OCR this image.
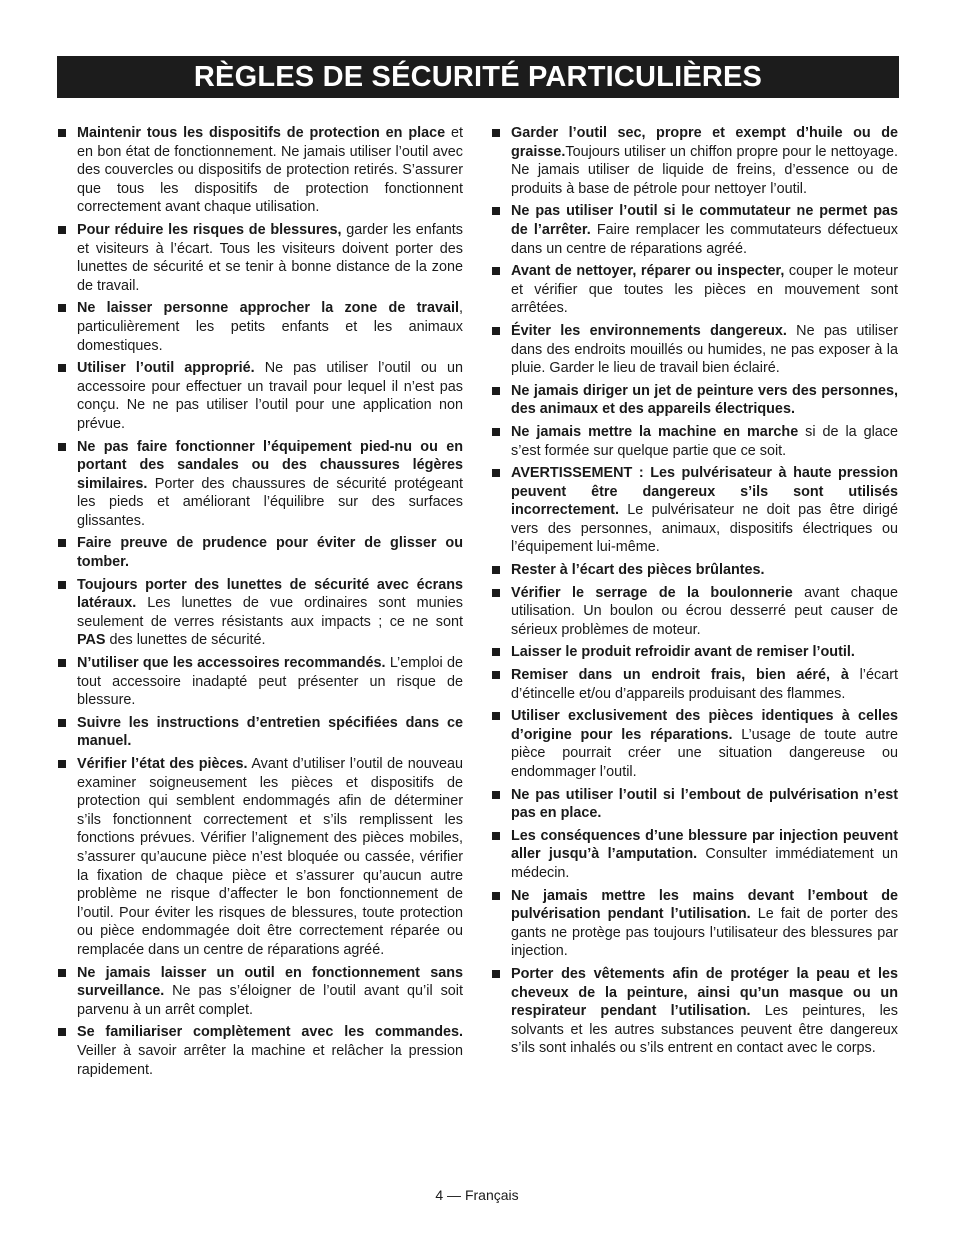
RÈGLES DE SÉCURITÉ PARTICULIÈRES
Maintenir tous les dispositifs de protection en place et en bon état de fonctionnement. Ne jamais utiliser l’outil avec des couvercles ou dispositifs de protection retirés. S’assurer que tous les dispositifs de protection fonctionnent correctement avant chaque utilisation.
Pour réduire les risques de blessures, garder les enfants et visiteurs à l’écart. Tous les visiteurs doivent porter des lunettes de sécurité et se tenir à bonne distance de la zone de travail.
Ne laisser personne approcher la zone de travail, particulièrement les petits enfants et les animaux domestiques.
Utiliser l’outil approprié. Ne pas utiliser l’outil ou un accessoire pour effectuer un travail pour lequel il n’est pas conçu. Ne ne pas utiliser l’outil pour une application non prévue.
Ne pas faire fonctionner l’équipement pied-nu ou en portant des sandales ou des chaussures légères similaires. Porter des chaussures de sécurité protégeant les pieds et améliorant l’équilibre sur des surfaces glissantes.
Faire preuve de prudence pour éviter de glisser ou tomber.
Toujours porter des lunettes de sécurité avec écrans latéraux. Les lunettes de vue ordinaires sont munies seulement de verres résistants aux impacts ; ce ne sont PAS des lunettes de sécurité.
N’utiliser que les accessoires recommandés. L’emploi de tout accessoire inadapté peut présenter un risque de blessure.
Suivre les instructions d’entretien spécifiées dans ce manuel.
Vérifier l’état des pièces. Avant d’utiliser l’outil de nouveau examiner soigneusement les pièces et dispositifs de protection qui semblent endommagés afin de déterminer s’ils fonctionnent correctement et s’ils remplissent les fonctions prévues. Vérifier l’alignement des pièces mobiles, s’assurer qu’aucune pièce n’est bloquée ou cassée, vérifier la fixation de chaque pièce et s’assurer qu’aucun autre problème ne risque d’affecter le bon fonctionnement de l’outil. Pour éviter les risques de blessures, toute protection ou pièce endommagée doit être correctement réparée ou remplacée dans un centre de réparations agréé.
Ne jamais laisser un outil en fonctionnement sans surveillance. Ne pas s’éloigner de l’outil avant qu’il soit parvenu à un arrêt complet.
Se familiariser complètement avec les commandes. Veiller à savoir arrêter la machine et relâcher la pression rapidement.
Garder l’outil sec, propre et exempt d’huile ou de graisse.Toujours utiliser un chiffon propre pour le nettoyage. Ne jamais utiliser de liquide de freins, d’essence ou de produits à base de pétrole pour nettoyer l’outil.
Ne pas utiliser l’outil si le commutateur ne permet pas de l’arrêter. Faire remplacer les commutateurs défectueux dans un centre de réparations agréé.
Avant de nettoyer, réparer ou inspecter, couper le moteur et vérifier que toutes les pièces en mouvement sont arrêtées.
Éviter les environnements dangereux. Ne pas utiliser dans des endroits mouillés ou humides, ne pas exposer à la pluie. Garder le lieu de travail bien éclairé.
Ne jamais diriger un jet de peinture vers des personnes, des animaux et des appareils électriques.
Ne jamais mettre la machine en marche si de la glace s’est formée sur quelque partie que ce soit.
AVERTISSEMENT : Les pulvérisateur à haute pression peuvent être dangereux s’ils sont utilisés incorrectement. Le pulvérisateur ne doit pas être dirigé vers des personnes, animaux, dispositifs électriques ou l’équipement lui-même.
Rester à l’écart des pièces brûlantes.
Vérifier le serrage de la boulonnerie avant chaque utilisation. Un boulon ou écrou desserré peut causer de sérieux problèmes de moteur.
Laisser le produit refroidir avant de remiser l’outil.
Remiser dans un endroit frais, bien aéré, à l’écart d’étincelle et/ou d’appareils produisant des flammes.
Utiliser exclusivement des pièces identiques à celles d’origine pour les réparations. L’usage de toute autre pièce pourrait créer une situation dangereuse ou endommager l’outil.
Ne pas utiliser l’outil si l’embout de pulvérisation n’est pas en place.
Les conséquences d’une blessure par injection peuvent aller jusqu’à l’amputation. Consulter immédiatement un médecin.
Ne jamais mettre les mains devant l’embout de pulvérisation pendant l’utilisation. Le fait de porter des gants ne protège pas toujours l’utilisateur des blessures par injection.
Porter des vêtements afin de protéger la peau et les cheveux de la peinture, ainsi qu’un masque ou un respirateur pendant l’utilisation. Les peintures, les solvants et les autres substances peuvent être dangereux s’ils sont inhalés ou s’ils entrent en contact avec le corps.
4 — Français
